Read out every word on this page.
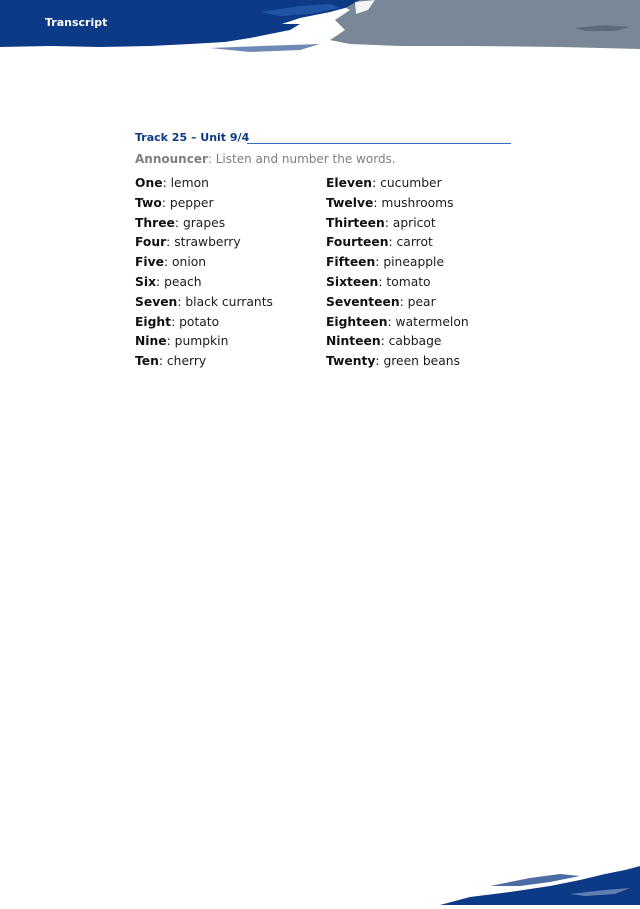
Transcript
Track 25 – Unit 9/4
Announcer: Listen and number the words.
One: lemon
Two: pepper
Three: grapes
Four: strawberry
Five: onion
Six: peach
Seven: black currants
Eight: potato
Nine: pumpkin
Ten: cherry
Eleven: cucumber
Twelve: mushrooms
Thirteen: apricot
Fourteen: carrot
Fifteen: pineapple
Sixteen: tomato
Seventeen: pear
Eighteen: watermelon
Ninteen: cabbage
Twenty: green beans
